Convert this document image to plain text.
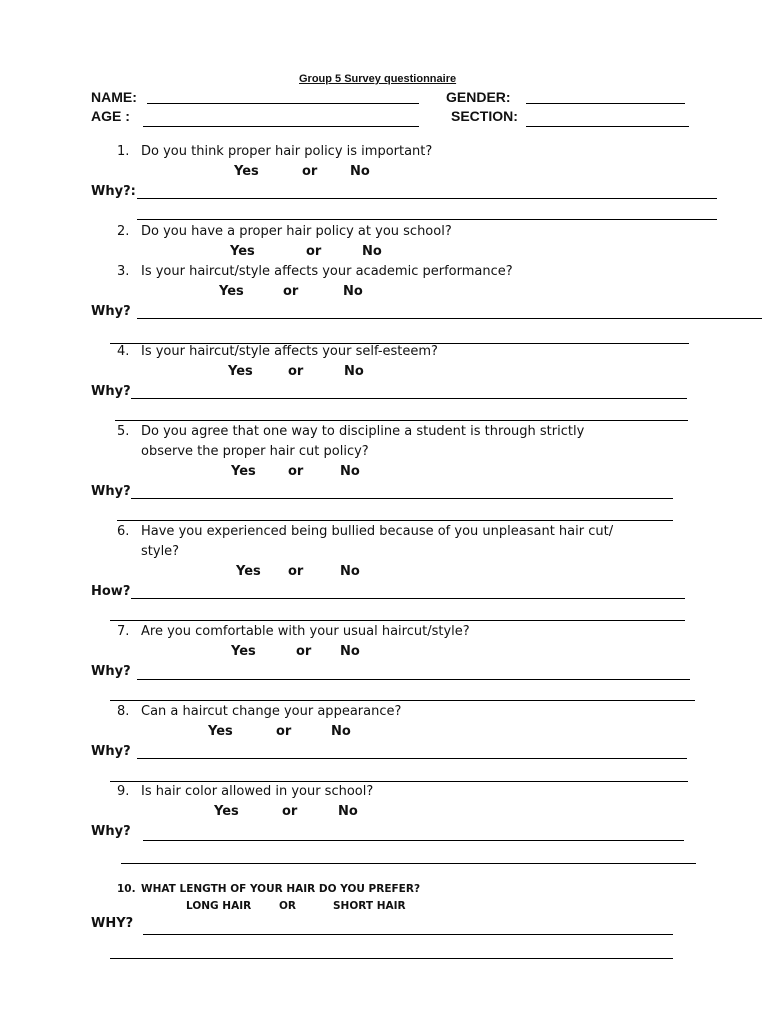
Group 5 Survey questionnaire
NAME:	GENDER:
AGE :	SECTION:
1. Do you think proper hair policy is important?
Yes	or	No
Why?:
2. Do you have a proper hair policy at you school?
Yes	or	No
3. Is your haircut/style affects your academic performance?
Yes	or	No
Why?
4. Is your haircut/style affects your self-esteem?
Yes	or	No
Why?
5. Do you agree that one way to discipline a student is through strictly
observe the proper hair cut policy?
Yes or	No
Why?
6. Have you experienced being bullied because of you unpleasant hair cut/
style?
Yes or	No
How?
7. Are you comfortable with your usual haircut/style?
Yes	or No
Why?
8. Can a haircut change your appearance?
Yes	or	No
Why?
9. Is hair color allowed in your school?
Yes	or	No
Why?
10. WHAT LENGTH OF YOUR HAIR DO YOU PREFER?
LONG HAIR	OR	SHORT HAIR
WHY?
